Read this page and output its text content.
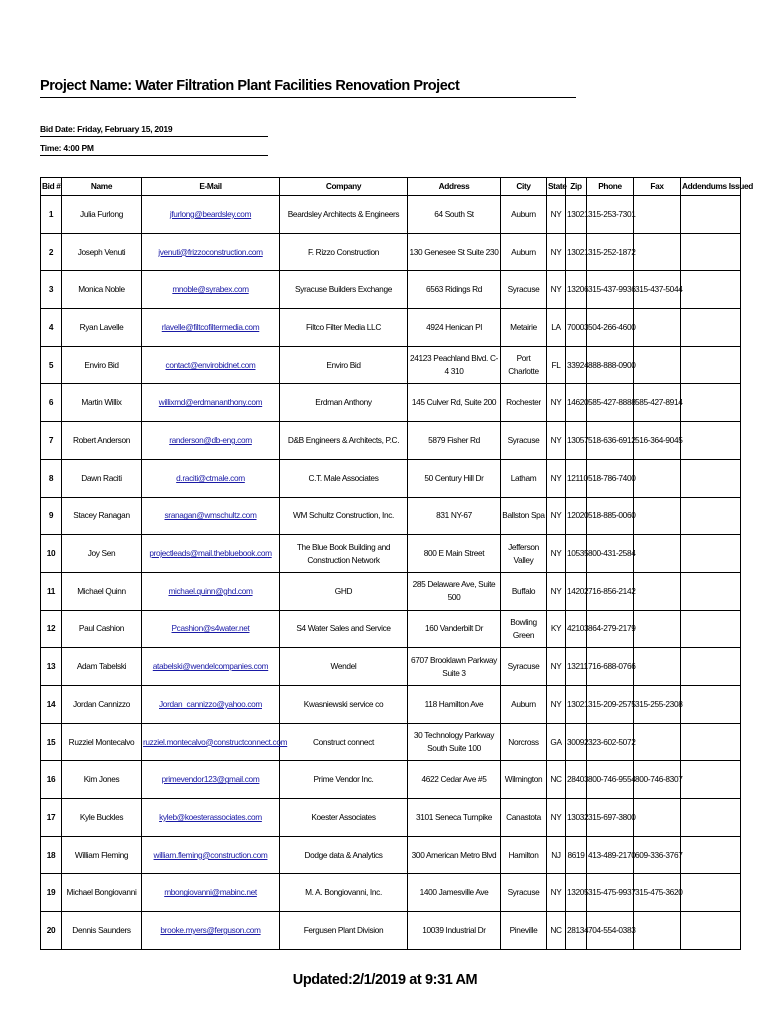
Project Name: Water Filtration Plant Facilities Renovation Project
Bid Date: Friday, February 15, 2019
Time: 4:00 PM
Bid #	Name	E-Mail	Company	Address	City	State	Zip	Phone	Fax	Addendums Issued
1	Julia Furlong	jfurlong@beardsley.com	Beardsley Architects & Engineers	64 South St	Auburn	NY	13021	315-253-7301		
2	Joseph Venuti	jvenuti@frizzoconstruction.com	F. Rizzo Construction	130 Genesee St Suite 230	Auburn	NY	13021	315-252-1872		
3	Monica Noble	mnoble@syrabex.com	Syracuse Builders Exchange	6563 Ridings Rd	Syracuse	NY	13206	315-437-9936	315-437-5044	
4	Ryan Lavelle	rlavelle@filtcofiltermedia.com	Filtco Filter Media LLC	4924 Henican Pl	Metairie	LA	70003	504-266-4600		
5	Enviro Bid	contact@envirobidnet.com	Enviro Bid	24123 Peachland Blvd. C-4 310	Port Charlotte	FL	33924	888-888-0900		
6	Martin Willix	willixmd@erdmananthony.com	Erdman Anthony	145 Culver Rd, Suite 200	Rochester	NY	14620	585-427-8888	585-427-8914	
7	Robert Anderson	randerson@db-eng.com	D&B Engineers & Architects, P.C.	5879 Fisher Rd	Syracuse	NY	13057	518-636-6912	516-364-9045	
8	Dawn Raciti	d.raciti@ctmale.com	C.T. Male Associates	50 Century Hill Dr	Latham	NY	12110	518-786-7400		
9	Stacey Ranagan	sranagan@wmschultz.com	WM Schultz Construction, Inc.	831 NY-67	Ballston Spa	NY	12020	518-885-0060		
10	Joy Sen	projectleads@mail.thebluebook.com	The Blue Book Building and Construction Network	800 E Main Street	Jefferson Valley	NY	10535	800-431-2584		
11	Michael Quinn	michael.quinn@ghd.com	GHD	285 Delaware Ave, Suite 500	Buffalo	NY	14202	716-856-2142		
12	Paul Cashion	Pcashion@s4water.net	S4 Water Sales and Service	160 Vanderbilt Dr	Bowling Green	KY	42103	864-279-2179		
13	Adam Tabelski	atabelski@wendelcompanies.com	Wendel	6707 Brooklawn Parkway Suite 3	Syracuse	NY	13211	716-688-0766		
14	Jordan Cannizzo	Jordan_cannizzo@yahoo.com	Kwasniewski service co	118 Hamilton Ave	Auburn	NY	13021	315-209-2575	315-255-2308	
15	Ruzziel Montecalvo	ruzziel.montecalvo@constructconnect.com	Construct connect	30 Technology Parkway South Suite 100	Norcross	GA	30092	323-602-5072		
16	Kim Jones	primevendor123@gmail.com	Prime Vendor Inc.	4622 Cedar Ave #5	Wilmington	NC	28403	800-746-9554	800-746-8307	
17	Kyle Buckles	kyleb@koesterassociates.com	Koester Associates	3101 Seneca Turnpike	Canastota	NY	13032	315-697-3800		
18	William Fleming	william.fleming@construction.com	Dodge data & Analytics	300 American Metro Blvd	Hamilton	NJ	8619	413-489-2170	609-336-3767	
19	Michael Bongiovanni	mbongiovanni@mabinc.net	M. A. Bongiovanni, Inc.	1400 Jamesville Ave	Syracuse	NY	13205	315-475-9937	315-475-3620	
20	Dennis Saunders	brooke.myers@ferguson.com	Fergusen Plant Division	10039 Industrial Dr	Pineville	NC	28134	704-554-0383		
Updated:2/1/2019 at 9:31 AM
